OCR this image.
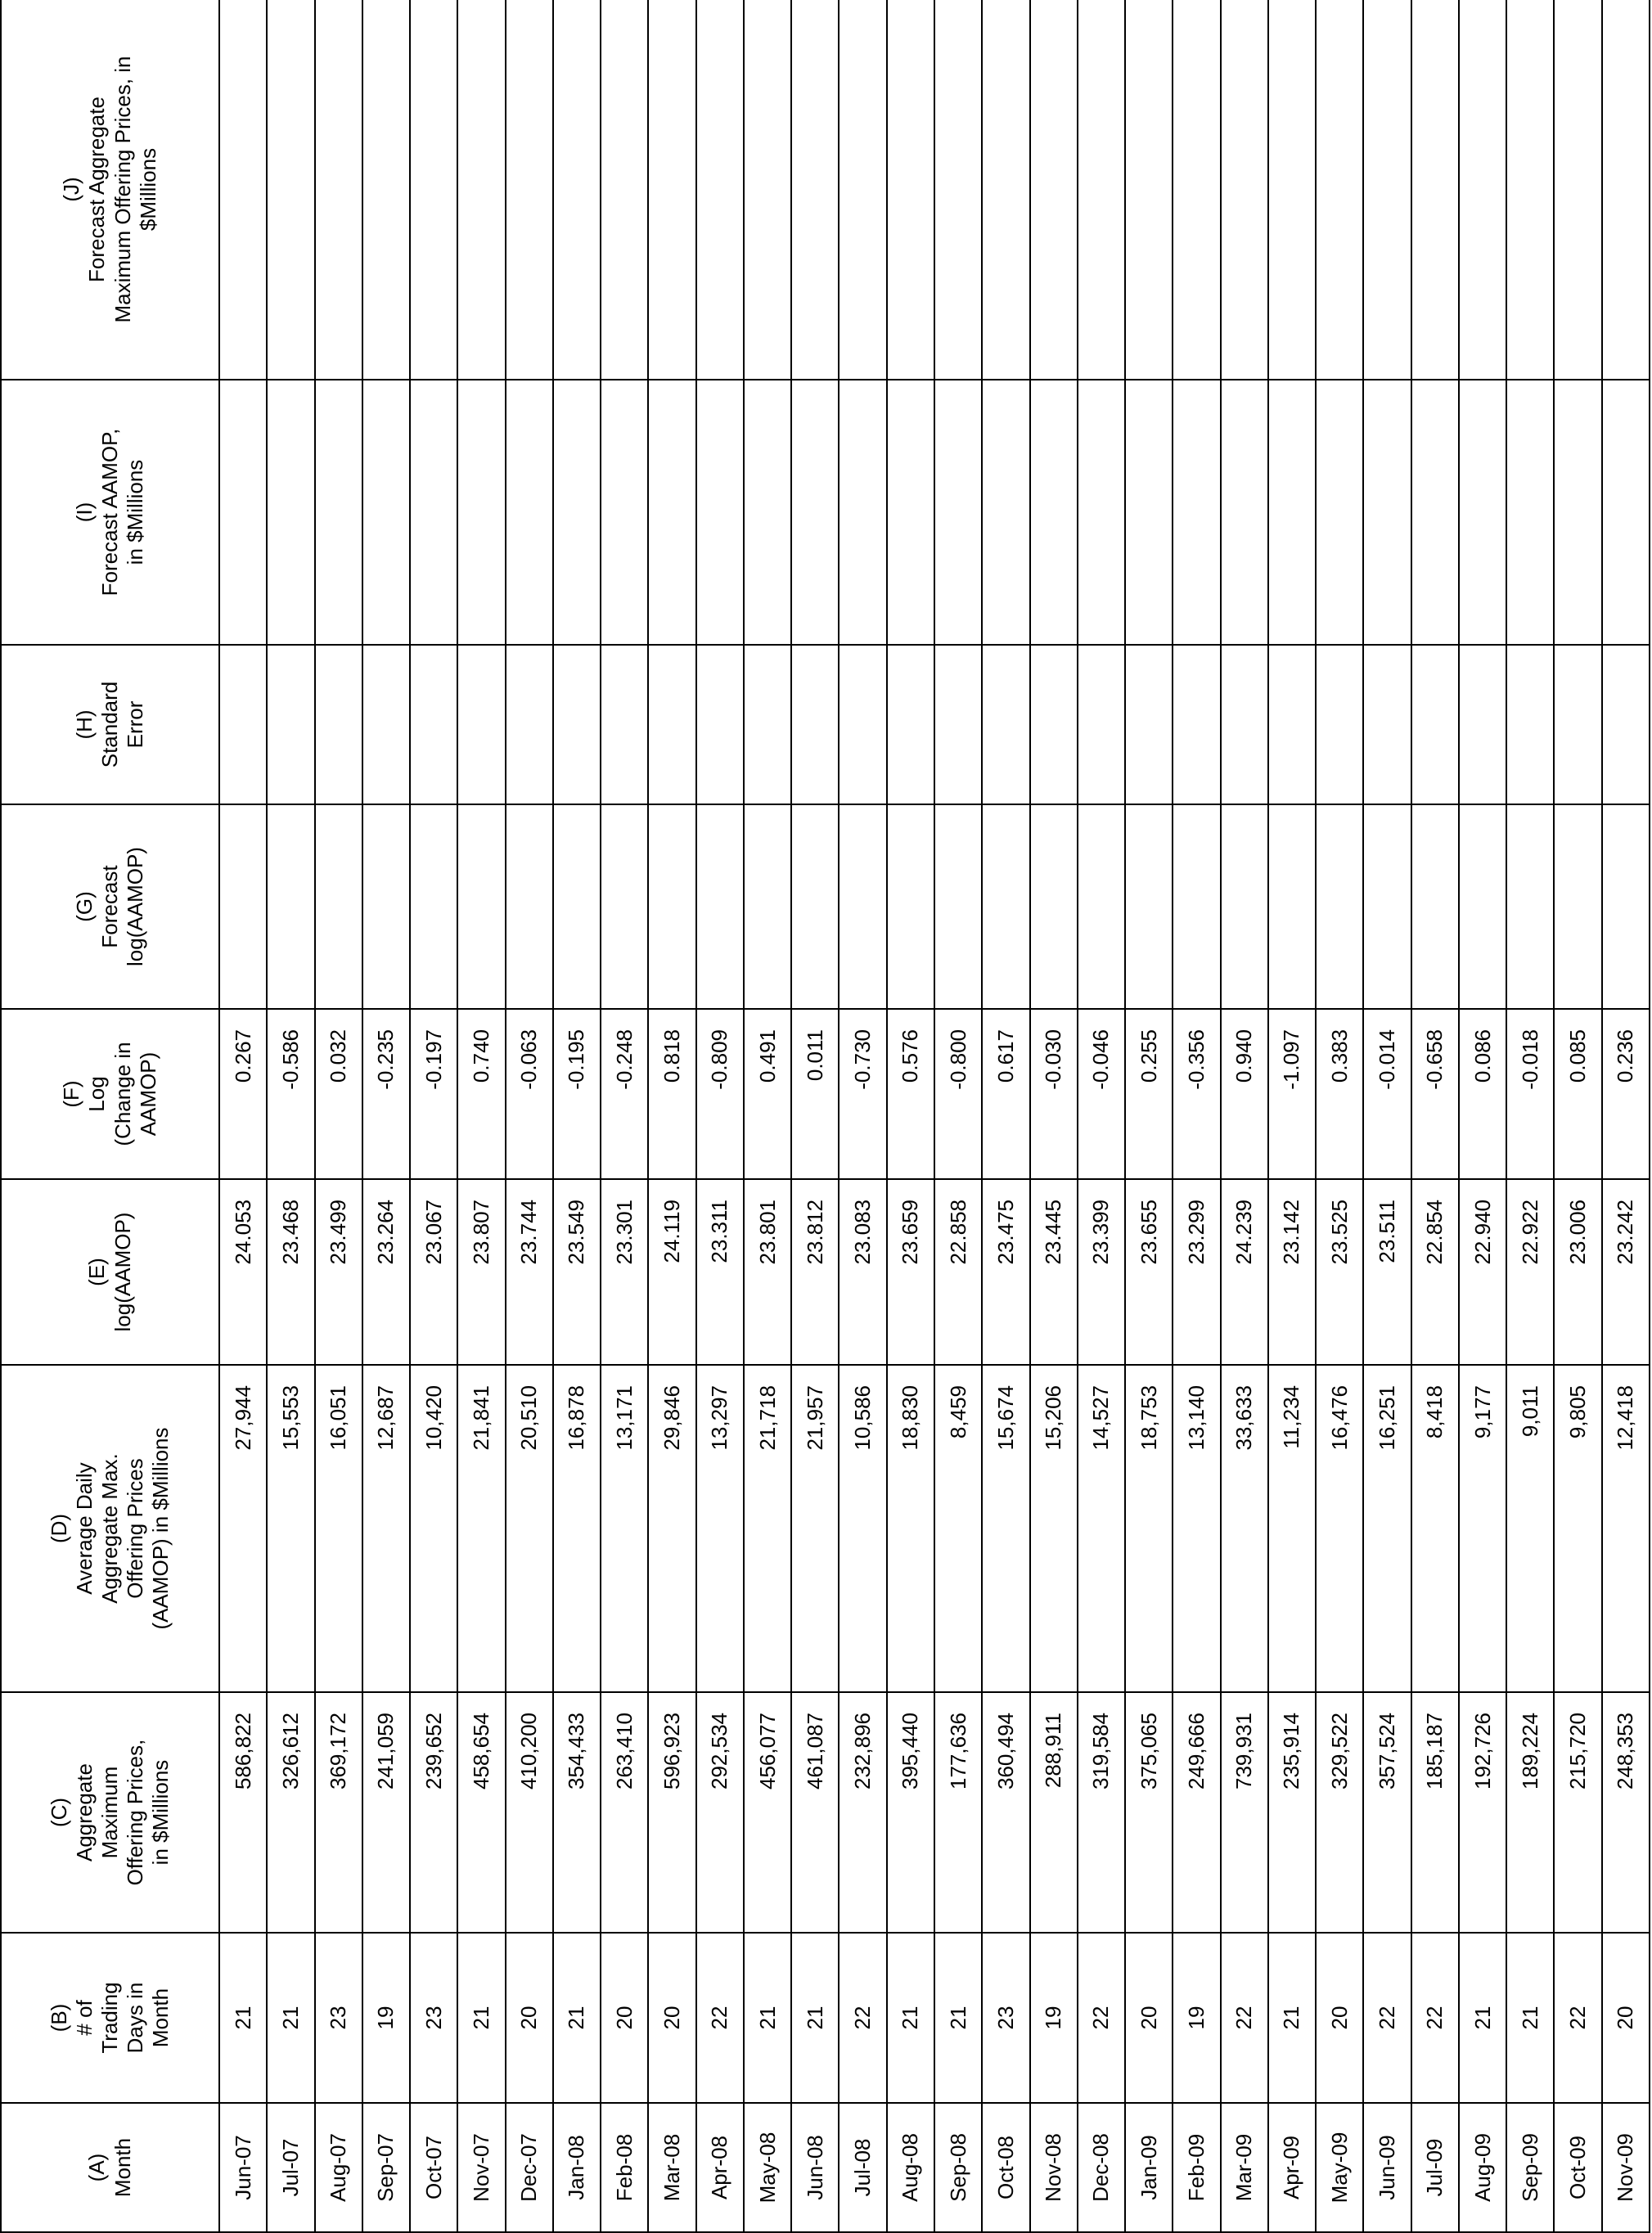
(A) Month	(B) # of Trading Days in Month	(C) Aggregate Maximum Offering Prices, in $Millions	(D) Average Daily Aggregate Max. Offering Prices (AAMOP) in $Millions	(E) log(AAMOP)	(F) Log (Change in AAMOP)	(G) Forecast log(AAMOP)	(H) Standard Error	(I) Forecast AAMOP, in $Millions	(J) Forecast Aggregate Maximum Offering Prices, in $Millions

Jun-07	21	586,822	27,944	24.053	0.267				
Jul-07	21	326,612	15,553	23.468	-0.586				
Aug-07	23	369,172	16,051	23.499	0.032				
Sep-07	19	241,059	12,687	23.264	-0.235				
Oct-07	23	239,652	10,420	23.067	-0.197				
Nov-07	21	458,654	21,841	23.807	0.740				
Dec-07	20	410,200	20,510	23.744	-0.063				
Jan-08	21	354,433	16,878	23.549	-0.195				
Feb-08	20	263,410	13,171	23.301	-0.248				
Mar-08	20	596,923	29,846	24.119	0.818				
Apr-08	22	292,534	13,297	23.311	-0.809				
May-08	21	456,077	21,718	23.801	0.491				
Jun-08	21	461,087	21,957	23.812	0.011				
Jul-08	22	232,896	10,586	23.083	-0.730				
Aug-08	21	395,440	18,830	23.659	0.576				
Sep-08	21	177,636	8,459	22.858	-0.800				
Oct-08	23	360,494	15,674	23.475	0.617				
Nov-08	19	288,911	15,206	23.445	-0.030				
Dec-08	22	319,584	14,527	23.399	-0.046				
Jan-09	20	375,065	18,753	23.655	0.255				
Feb-09	19	249,666	13,140	23.299	-0.356				
Mar-09	22	739,931	33,633	24.239	0.940				
Apr-09	21	235,914	11,234	23.142	-1.097				
May-09	20	329,522	16,476	23.525	0.383				
Jun-09	22	357,524	16,251	23.511	-0.014				
Jul-09	22	185,187	8,418	22.854	-0.658				
Aug-09	21	192,726	9,177	22.940	0.086				
Sep-09	21	189,224	9,011	22.922	-0.018				
Oct-09	22	215,720	9,805	23.006	0.085				
Nov-09	20	248,353	12,418	23.242	0.236				
